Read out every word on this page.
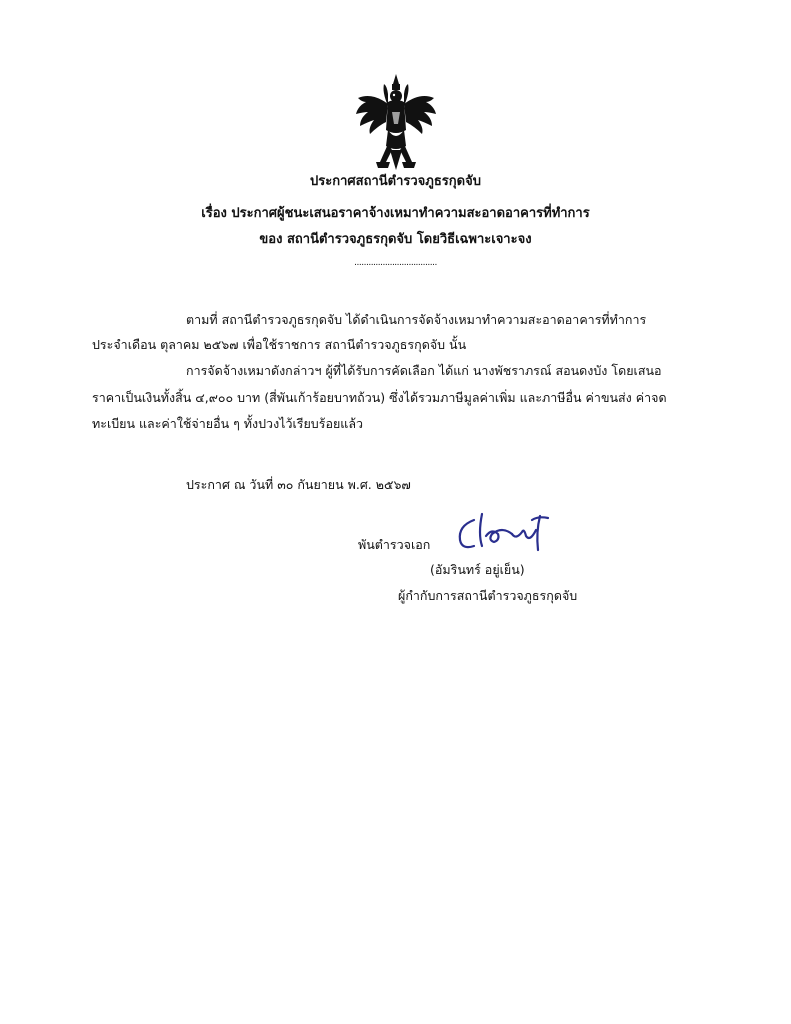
ประกาศสถานีตำรวจภูธรกุดจับ
เรื่อง ประกาศผู้ชนะเสนอราคาจ้างเหมาทำความสะอาดอาคารที่ทำการ
ของ สถานีตำรวจภูธรกุดจับ โดยวิธีเฉพาะเจาะจง
...................................
ตามที่ สถานีตำรวจภูธรกุดจับ ได้ดำเนินการจัดจ้างเหมาทำความสะอาดอาคารที่ทำการ
ประจำเดือน ตุลาคม ๒๕๖๗ เพื่อใช้ราชการ สถานีตำรวจภูธรกุดจับ นั้น
การจัดจ้างเหมาดังกล่าวฯ ผู้ที่ได้รับการคัดเลือก ได้แก่ นางพัชราภรณ์ สอนดงบัง โดยเสนอ
ราคาเป็นเงินทั้งสิ้น ๔,๙๐๐ บาท (สี่พันเก้าร้อยบาทถ้วน) ซึ่งได้รวมภาษีมูลค่าเพิ่ม และภาษีอื่น ค่าขนส่ง ค่าจด
ทะเบียน และค่าใช้จ่ายอื่น ๆ ทั้งปวงไว้เรียบร้อยแล้ว
ประกาศ ณ วันที่ ๓๐ กันยายน พ.ศ. ๒๕๖๗
พันตำรวจเอก
(อัมรินทร์ อยู่เย็น)
ผู้กำกับการสถานีตำรวจภูธรกุดจับ
